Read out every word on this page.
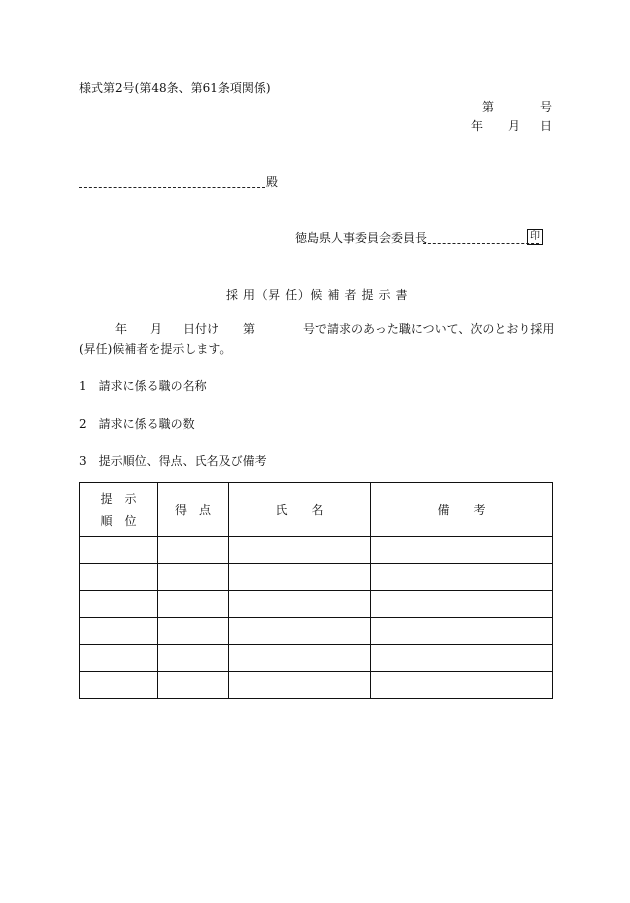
様式第2号(第48条、第61条項関係)
第	号
年 月 日
殿
徳島県人事委員会委員長	印
採 用（昇 任）候 補 者 提 示 書
年 月 日付け 第	号で請求のあった職について、次のとおり採用
(昇任)候補者を提示します。
1　請求に係る職の名称
2　請求に係る職の数
3　提示順位、得点、氏名及び備考
提　示
順　位	得　点	氏　　名	備　　考
